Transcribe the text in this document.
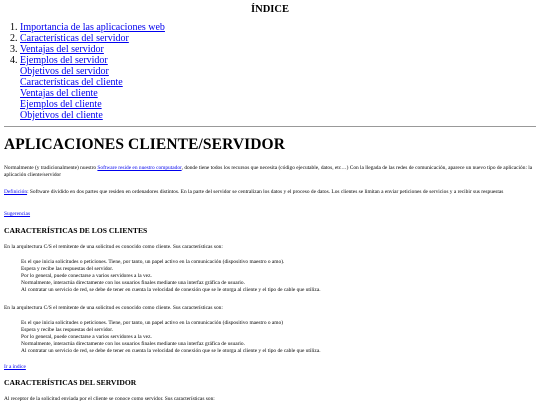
ÍNDICE
1. Importancia de las aplicaciones web
2. Características del servidor
3. Ventajas del servidor
4. Ejemplos del servidor
Objetivos del servidor
Características del cliente
Ventajas del cliente
Ejemplos del cliente
Objetivos del cliente
APLICACIONES CLIENTE/SERVIDOR
Normalmente (y tradicionalmente) nuestro Software reside en nuestro computador, donde tiene todos los recursos que necesita (código ejecutable, datos, etc…) Con la llegada de las redes de comunicación, aparece un nuevo tipo de aplicación: la aplicación cliente/servidor
Definición: Software dividido en dos partes que residen en ordenadores distintos. En la parte del servidor se centralizan los datos y el proceso de datos. Los clientes se limitan a enviar peticiones de servicios y a recibir sus respuestas
Sugerencias
CARACTERÍSTICAS DE LOS CLIENTES
En la arquitectura C/S el remitente de una solicitud es conocido como cliente. Sus características son:
Es el que inicia solicitudes o peticiones. Tiene, por tanto, un papel activo en la comunicación (dispositivo maestro o amo).
Espera y recibe las respuestas del servidor.
Por lo general, puede conectarse a varios servidores a la vez.
Normalmente, interactúa directamente con los usuarios finales mediante una interfaz gráfica de usuario.
Al contratar un servicio de red, se debe de tener en cuenta la velocidad de conexión que se le otorga al cliente y el tipo de cable que utiliza.
En la arquitectura C/S el remitente de una solicitud es conocido como cliente. Sus características son:
Es el que inicia solicitudes o peticiones. Tiene, por tanto, un papel activo en la comunicación (dispositivo maestro o amo)
Espera y recibe las respuestas del servidor.
Por lo general, puede conectarse a varios servidores a la vez.
Normalmente, interactúa directamente con los usuarios finales mediante una interfaz gráfica de usuario.
Al contratar un servicio de red, se debe de tener en cuenta la velocidad de conexión que se le otorga al cliente y el tipo de cable que utiliza.
Ir a índice
CARACTERÍSTICAS DEL SERVIDOR
Al receptor de la solicitud enviada por el cliente se conoce como servidor. Sus características son:
